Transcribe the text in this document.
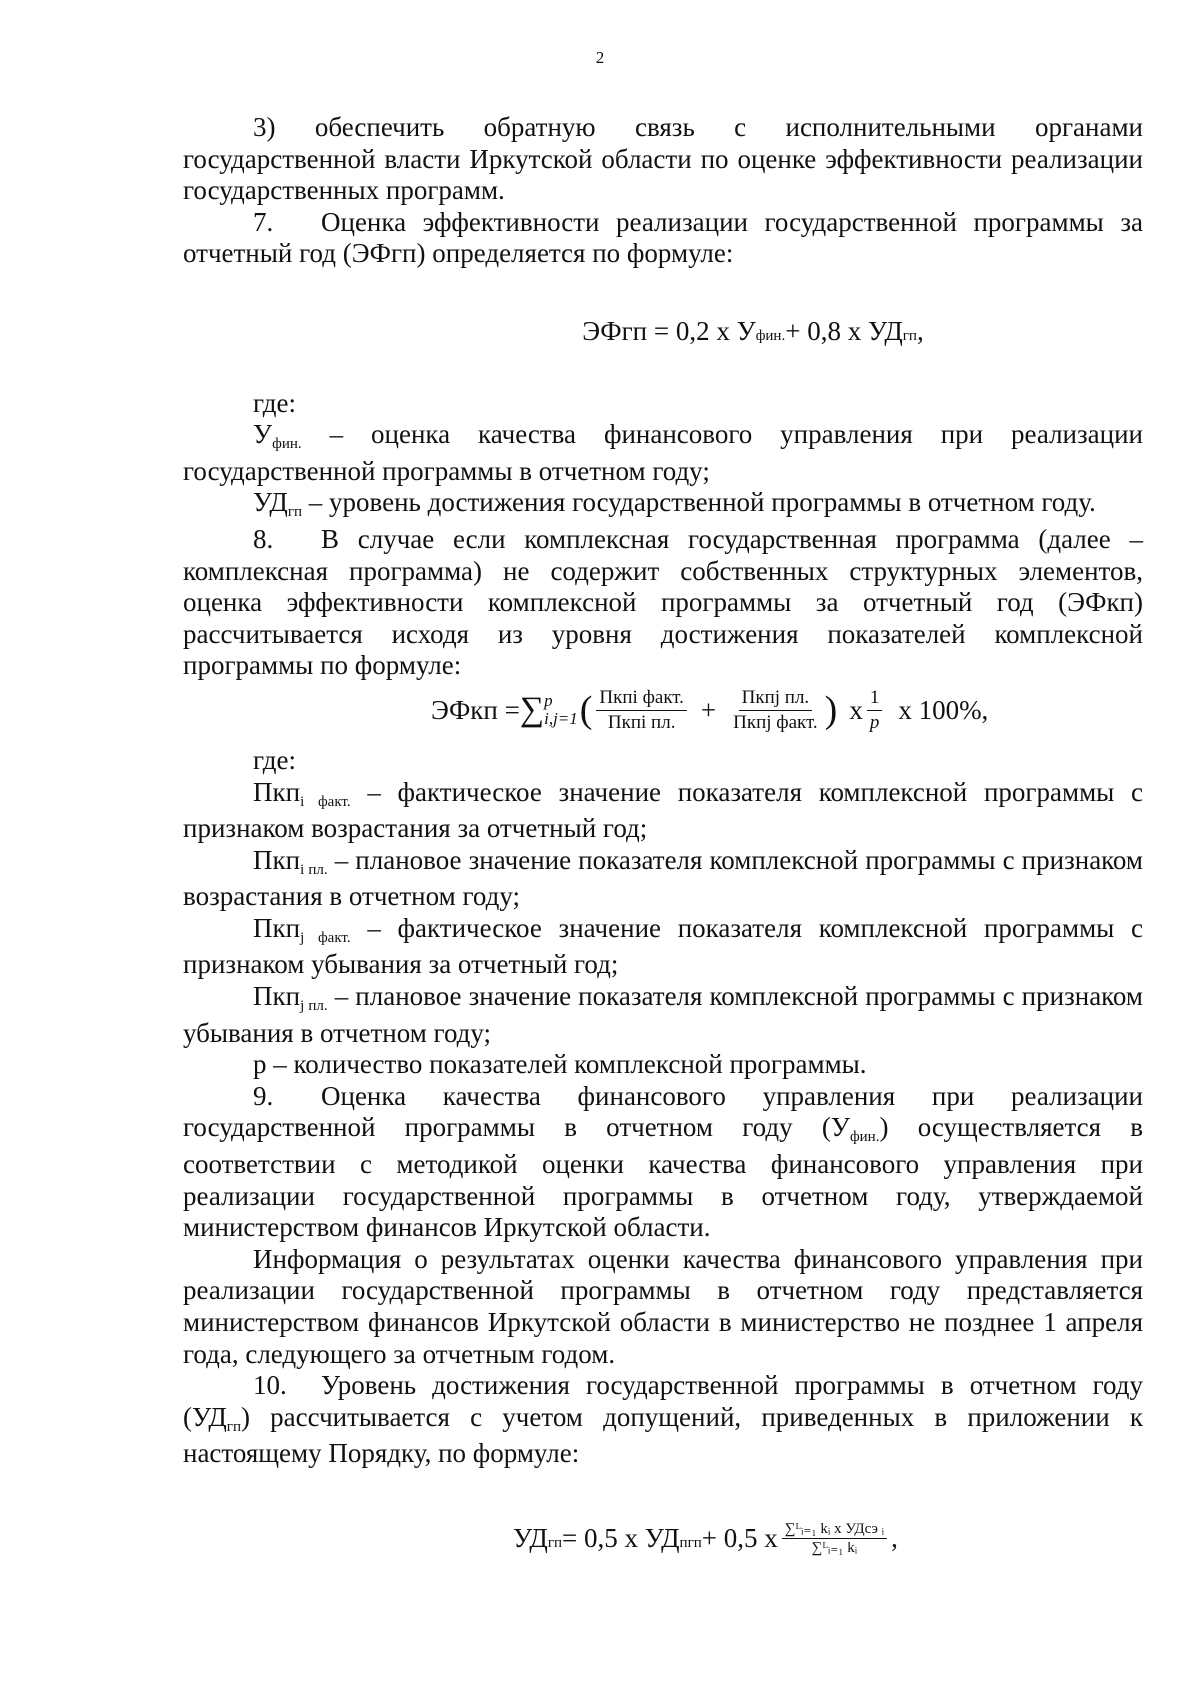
2

3) обеспечить обратную связь с исполнительными органами государственной власти Иркутской области по оценке эффективности реализации государственных программ.

7. Оценка эффективности реализации государственной программы за отчетный год (ЭФгп) определяется по формуле:

ЭФгп = 0,2 х У фин. + 0,8 х УД гп ,

где:

Уфин. – оценка качества финансового управления при реализации государственной программы в отчетном году;

УДгп – уровень достижения государственной программы в отчетном году.

8. В случае если комплексная государственная программа (далее – комплексная программа) не содержит собственных структурных элементов, оценка эффективности комплексной программы за отчетный год (ЭФкп) рассчитывается исходя из уровня достижения показателей комплексной программы по формуле:

ЭФкп = ∑ p
i,j=1 ( $\frac{\text{Пкпi факт.}}{\text{Пкпi пл.}} + \frac{\text{Пкпj пл.}}{\text{Пкпj факт.}}$ ) х $\frac{1}{p}$ х 100%,

где:

Пкпi факт. – фактическое значение показателя комплексной программы с признаком возрастания за отчетный год;

Пкпi пл. – плановое значение показателя комплексной программы с признаком возрастания в отчетном году;

Пкпj факт. – фактическое значение показателя комплексной программы с признаком убывания за отчетный год;

Пкпj пл. – плановое значение показателя комплексной программы с признаком убывания в отчетном году;

p – количество показателей комплексной программы.

9. Оценка качества финансового управления при реализации государственной программы в отчетном году (Уфин.) осуществляется в соответствии с методикой оценки качества финансового управления при реализации государственной программы в отчетном году, утверждаемой министерством финансов Иркутской области.

Информация о результатах оценки качества финансового управления при реализации государственной программы в отчетном году представляется министерством финансов Иркутской области в министерство не позднее 1 апреля года, следующего за отчетным годом.

10. Уровень достижения государственной программы в отчетном году (УДгп) рассчитывается с учетом допущений, приведенных в приложении к настоящему Порядку, по формуле:

УД гп = 0,5 х УД пгп + 0,5 х $\frac{\text{∑ᴸᵢ₌₁ kᵢ х УДсэ ᵢ}}{\text{∑ᴸᵢ₌₁ kᵢ}}$ ,
